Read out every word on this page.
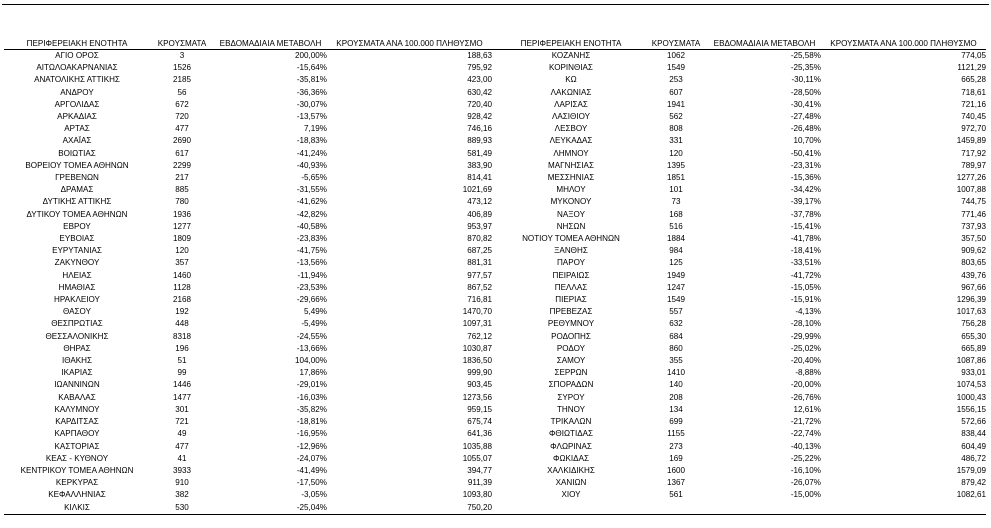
ΠΕΡΙΦΕΡΕΙΑΚΗ ΕΝΟΤΗΤΑ	ΚΡΟΥΣΜΑΤΑ	ΕΒΔΟΜΑΔΙΑΙΑ ΜΕΤΑΒΟΛΗ	ΚΡΟΥΣΜΑΤΑ ΑΝΑ 100.000 ΠΛΗΘΥΣΜΟ		ΠΕΡΙΦΕΡΕΙΑΚΗ ΕΝΟΤΗΤΑ	ΚΡΟΥΣΜΑΤΑ	ΕΒΔΟΜΑΔΙΑΙΑ ΜΕΤΑΒΟΛΗ	ΚΡΟΥΣΜΑΤΑ ΑΝΑ 100.000 ΠΛΗΘΥΣΜΟ
ΑΓΙΟ ΟΡΟΣ	3	200,00%	188,63		ΚΟΖΑΝΗΣ	1062	-25,58%	774,05
ΑΙΤΩΛΟΑΚΑΡΝΑΝΙΑΣ	1526	-15,64%	795,92		ΚΟΡΙΝΘΙΑΣ	1549	-25,35%	1121,29
ΑΝΑΤΟΛΙΚΗΣ ΑΤΤΙΚΗΣ	2185	-35,81%	423,00		ΚΩ	253	-30,11%	665,28
ΑΝΔΡΟΥ	56	-36,36%	630,42		ΛΑΚΩΝΙΑΣ	607	-28,50%	718,61
ΑΡΓΟΛΙΔΑΣ	672	-30,07%	720,40		ΛΑΡΙΣΑΣ	1941	-30,41%	721,16
ΑΡΚΑΔΙΑΣ	720	-13,57%	928,42		ΛΑΣΙΘΙΟΥ	562	-27,48%	740,45
ΑΡΤΑΣ	477	7,19%	746,16		ΛΕΣΒΟΥ	808	-26,48%	972,70
ΑΧΑΪΑΣ	2690	-18,83%	889,93		ΛΕΥΚΑΔΑΣ	331	10,70%	1459,89
ΒΟΙΩΤΙΑΣ	617	-41,24%	581,49		ΛΗΜΝΟΥ	120	-50,41%	717,92
ΒΟΡΕΙΟΥ ΤΟΜΕΑ ΑΘΗΝΩΝ	2299	-40,93%	383,90		ΜΑΓΝΗΣΙΑΣ	1395	-23,31%	789,97
ΓΡΕΒΕΝΩΝ	217	-5,65%	814,41		ΜΕΣΣΗΝΙΑΣ	1851	-15,36%	1277,26
ΔΡΑΜΑΣ	885	-31,55%	1021,69		ΜΗΛΟΥ	101	-34,42%	1007,88
ΔΥΤΙΚΗΣ ΑΤΤΙΚΗΣ	780	-41,62%	473,12		ΜΥΚΟΝΟΥ	73	-39,17%	744,75
ΔΥΤΙΚΟΥ ΤΟΜΕΑ ΑΘΗΝΩΝ	1936	-42,82%	406,89		ΝΑΞΟΥ	168	-37,78%	771,46
ΕΒΡΟΥ	1277	-40,58%	953,97		ΝΗΣΩΝ	516	-15,41%	737,93
ΕΥΒΟΙΑΣ	1809	-23,83%	870,82		ΝΟΤΙΟΥ ΤΟΜΕΑ ΑΘΗΝΩΝ	1884	-41,78%	357,50
ΕΥΡΥΤΑΝΙΑΣ	120	-41,75%	687,25		ΞΑΝΘΗΣ	984	-18,41%	909,62
ΖΑΚΥΝΘΟΥ	357	-13,56%	881,31		ΠΑΡΟΥ	125	-33,51%	803,65
ΗΛΕΙΑΣ	1460	-11,94%	977,57		ΠΕΙΡΑΙΩΣ	1949	-41,72%	439,76
ΗΜΑΘΙΑΣ	1128	-23,53%	867,52		ΠΕΛΛΑΣ	1247	-15,05%	967,66
ΗΡΑΚΛΕΙΟΥ	2168	-29,66%	716,81		ΠΙΕΡΙΑΣ	1549	-15,91%	1296,39
ΘΑΣΟΥ	192	5,49%	1470,70		ΠΡΕΒΕΖΑΣ	557	-4,13%	1017,63
ΘΕΣΠΡΩΤΙΑΣ	448	-5,49%	1097,31		ΡΕΘΥΜΝΟΥ	632	-28,10%	756,28
ΘΕΣΣΑΛΟΝΙΚΗΣ	8318	-24,55%	762,12		ΡΟΔΟΠΗΣ	684	-29,99%	655,30
ΘΗΡΑΣ	196	-13,66%	1030,87		ΡΟΔΟΥ	860	-25,02%	665,89
ΙΘΑΚΗΣ	51	104,00%	1836,50		ΣΑΜΟΥ	355	-20,40%	1087,86
ΙΚΑΡΙΑΣ	99	17,86%	999,90		ΣΕΡΡΩΝ	1410	-8,88%	933,01
ΙΩΑΝΝΙΝΩΝ	1446	-29,01%	903,45		ΣΠΟΡΑΔΩΝ	140	-20,00%	1074,53
ΚΑΒΑΛΑΣ	1477	-16,03%	1273,56		ΣΥΡΟΥ	208	-26,76%	1000,43
ΚΑΛΥΜΝΟΥ	301	-35,82%	959,15		ΤΗΝΟΥ	134	12,61%	1556,15
ΚΑΡΔΙΤΣΑΣ	721	-18,81%	675,74		ΤΡΙΚΑΛΩΝ	699	-21,72%	572,66
ΚΑΡΠΑΘΟΥ	49	-16,95%	641,36		ΦΘΙΩΤΙΔΑΣ	1155	-22,74%	838,44
ΚΑΣΤΟΡΙΑΣ	477	-12,96%	1035,88		ΦΛΩΡΙΝΑΣ	273	-40,13%	604,49
ΚΕΑΣ - ΚΥΘΝΟΥ	41	-24,07%	1055,07		ΦΩΚΙΔΑΣ	169	-25,22%	486,72
ΚΕΝΤΡΙΚΟΥ ΤΟΜΕΑ ΑΘΗΝΩΝ	3933	-41,49%	394,77		ΧΑΛΚΙΔΙΚΗΣ	1600	-16,10%	1579,09
ΚΕΡΚΥΡΑΣ	910	-17,50%	911,39		ΧΑΝΙΩΝ	1367	-26,07%	879,42
ΚΕΦΑΛΛΗΝΙΑΣ	382	-3,05%	1093,80		ΧΙΟΥ	561	-15,00%	1082,61
ΚΙΛΚΙΣ	530	-25,04%	750,20					
